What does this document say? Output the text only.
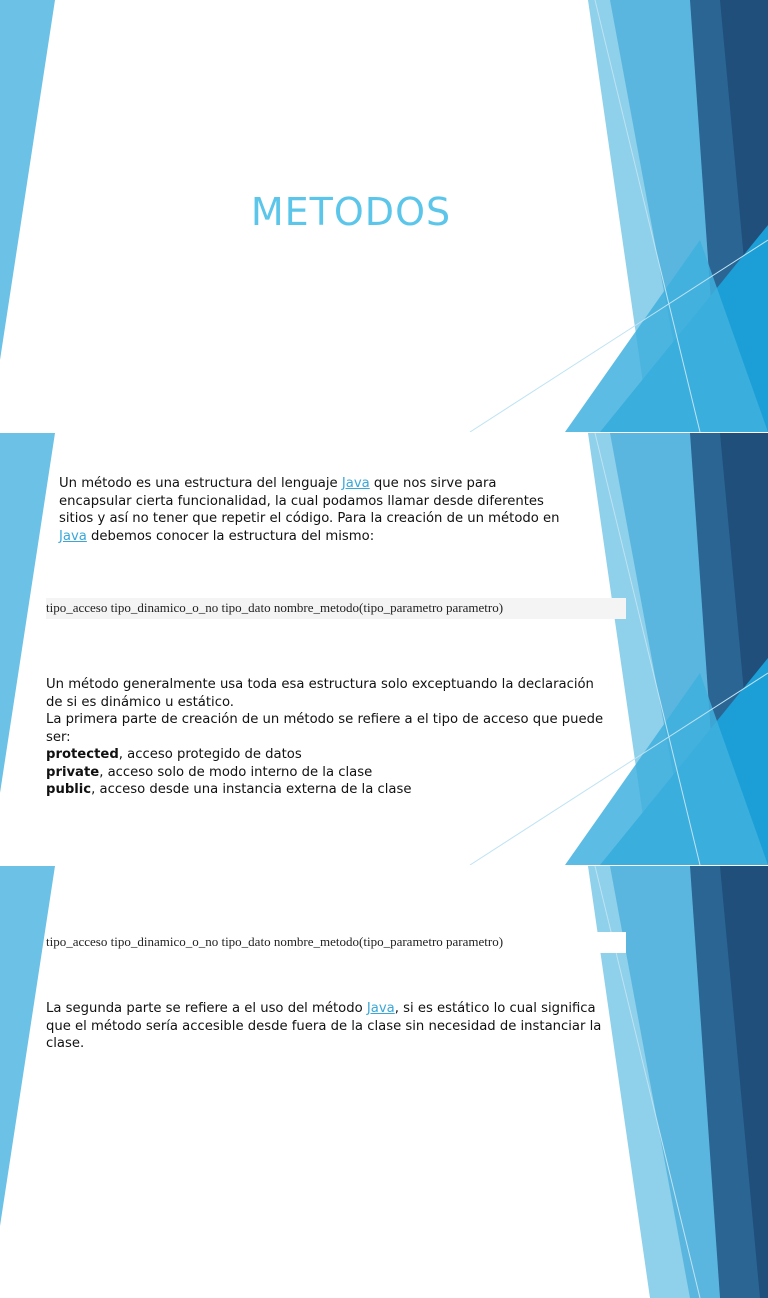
METODOS
Un método es una estructura del lenguaje Java que nos sirve para encapsular cierta funcionalidad, la cual podamos llamar desde diferentes sitios y así no tener que repetir el código. Para la creación de un método en Java debemos conocer la estructura del mismo:
tipo_acceso tipo_dinamico_o_no tipo_dato nombre_metodo(tipo_parametro parametro)
Un método generalmente usa toda esa estructura solo exceptuando la declaración de si es dinámico u estático.
La primera parte de creación de un método se refiere a el tipo de acceso que puede ser:
protected, acceso protegido de datos
private, acceso solo de modo interno de la clase
public, acceso desde una instancia externa de la clase
tipo_acceso tipo_dinamico_o_no tipo_dato nombre_metodo(tipo_parametro parametro)
La segunda parte se refiere a el uso del método Java, si es estático lo cual significa que el método sería accesible desde fuera de la clase sin necesidad de instanciar la clase.
